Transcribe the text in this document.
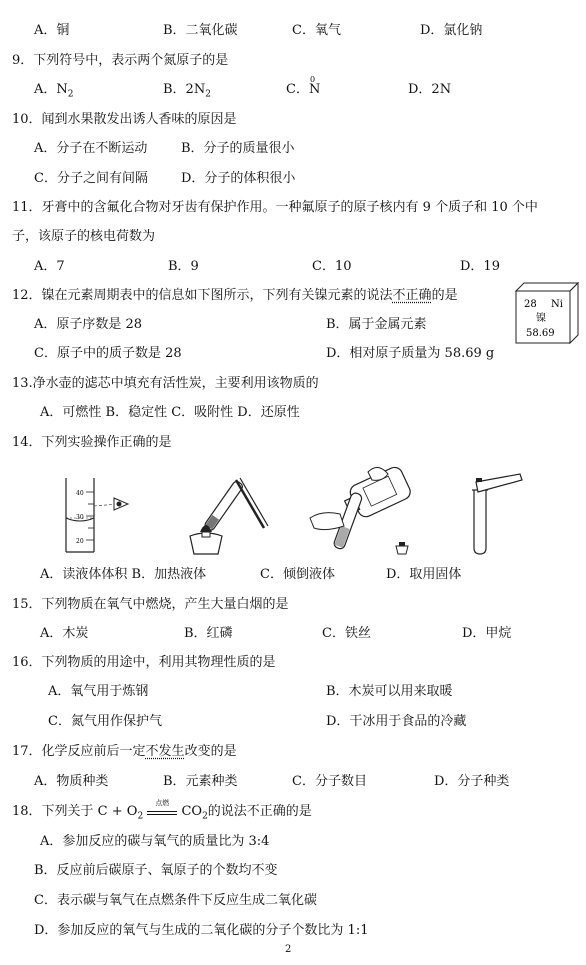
A．铜	B．二氧化碳	C．氧气	D．氯化钠
9．下列符号中，表示两个氮原子的是
A．$N_2$	B．$2N_2$	C．
0
N	D．2N
10．闻到水果散发出诱人香味的原因是
A．分子在不断运动	B．分子的质量很小
C．分子之间有间隔	D．分子的体积很小
11．牙膏中的含氟化合物对牙齿有保护作用。一种氟原子的原子核内有 9 个质子和 10 个中
子，该原子的核电荷数为
A．7	B．9	C．10	D．19
12．镍在元素周期表中的信息如下图所示，下列有关镍元素的说法不正确的是
A．原子序数是 28	B．属于金属元素
C．原子中的质子数是 28	D．相对原子质量为 58.69 g
28 Ni
镍
58.69
13.净水壶的滤芯中填充有活性炭，主要利用该物质的
A．可燃性 B．稳定性 C．吸附性 D．还原性
14．下列实验操作正确的是
40
30
20
A．读液体体积 B．加热液体	C．倾倒液体	D．取用固体
15．下列物质在氧气中燃烧，产生大量白烟的是
A．木炭	B．红磷	C．铁丝	D．甲烷
16．下列物质的用途中，利用其物理性质的是
A．氧气用于炼钢	B．木炭可以用来取暖
C．氮气用作保护气	D．干冰用于食品的冷藏
17．化学反应前后一定不发生改变的是
A．物质种类	B．元素种类	C．分子数目	D．分子种类
18．下列关于 $C + O_2$
点燃
$CO_2$的说法不正确的是
A．参加反应的碳与氧气的质量比为 3:4
B．反应前后碳原子、氧原子的个数均不变
C．表示碳与氧气在点燃条件下反应生成二氧化碳
D．参加反应的氧气与生成的二氧化碳的分子个数比为 1:1
2
